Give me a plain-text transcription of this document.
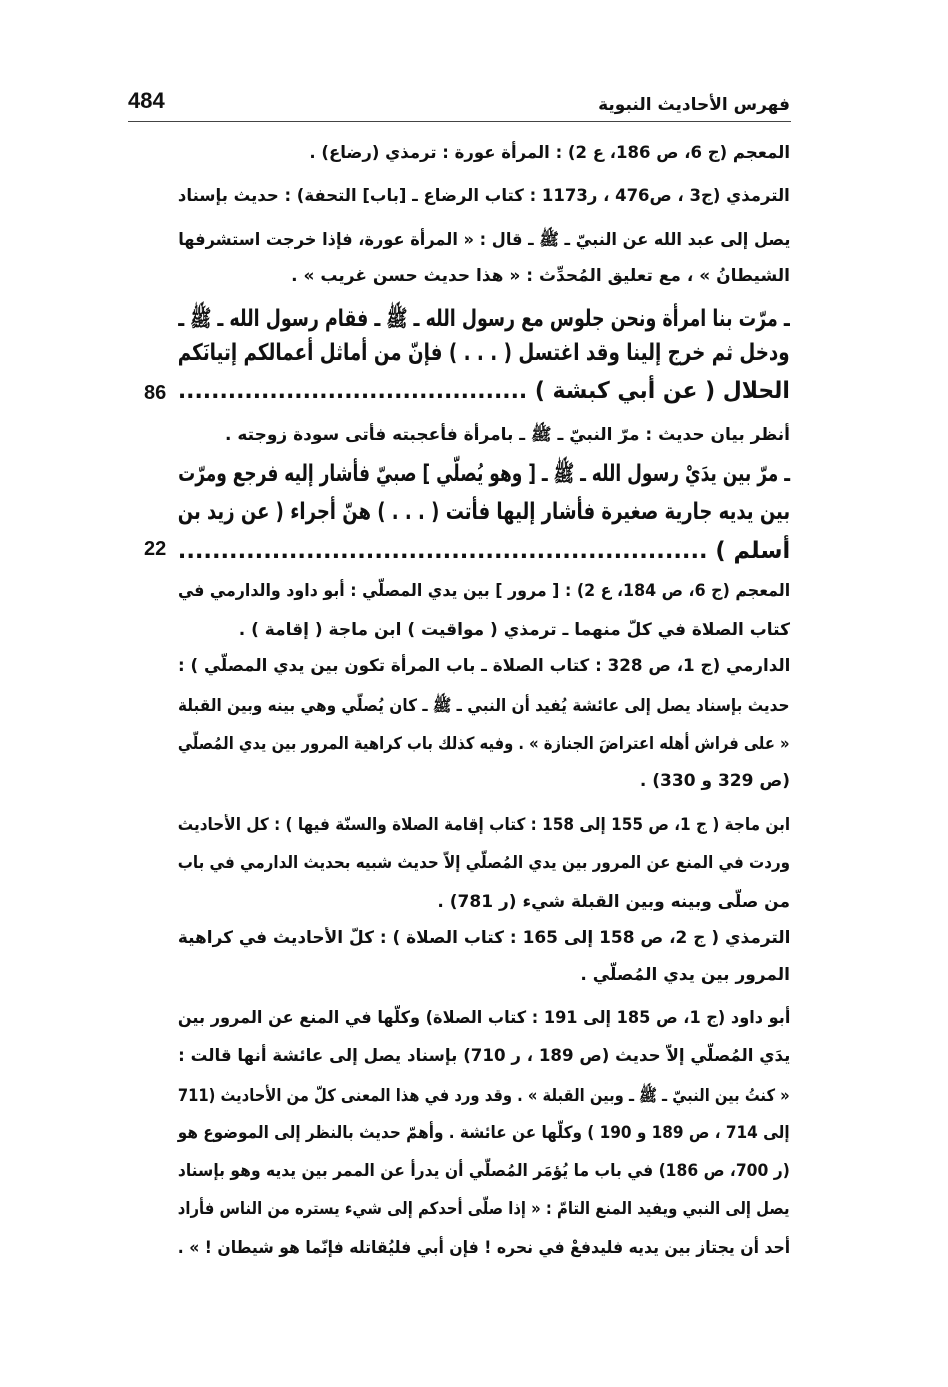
484	فهرس الأحاديث النبوية
المعجم (ج 6، ص 186، ع 2) : المرأة عورة : ترمذي (رضاع) .
الترمذي (ج3 ، ص476 ، ر1173 : كتاب الرضاع ـ [باب] التحفة) : حديث بإسناد
يصل إلى عبد الله عن النبيّ ـ ﷺ ـ قال : « المرأة عورة، فإذا خرجت استشرفها
الشيطانُ » ، مع تعليق المُحدِّث : « هذا حديث حسن غريب » .
ـ مرّت بنا امرأة ونحن جلوس مع رسول الله ـ ﷺ ـ فقام رسول الله ـ ﷺ ـ
ودخل ثم خرج إلينا وقد اغتسل ( . . . ) فإنّ من أماثل أعمالكم إتيانَكم
الحلال ( عن أبي كبشة ) ..........................................
86
أنظر بيان حديث : مرّ النبيّ ـ ﷺ ـ بامرأة فأعجبته فأتى سودة زوجته .
ـ مرّ بين يدَيْ رسول الله ـ ﷺ ـ [ وهو يُصلّي ] صبيّ فأشار إليه فرجع ومرّت
بين يديه جارية صغيرة فأشار إليها فأتت ( . . . ) هنّ أجراء ( عن زيد بن
أسلم ) ..............................................................
22
المعجم (ج 6، ص 184، ع 2) : [ مرور ] بين يدي المصلّي : أبو داود والدارمي في
كتاب الصلاة في كلّ منهما ـ ترمذي ( مواقيت ) ابن ماجة ( إقامة ) .
الدارمي (ج 1، ص 328 : كتاب الصلاة ـ باب المرأة تكون بين يدي المصلّي ) :
حديث بإسناد يصل إلى عائشة يُفيد أن النبي ـ ﷺ ـ كان يُصلّي وهي بينه وبين القبلة
« على فراش أهله اعتراضَ الجنازة » . وفيه كذلك باب كراهية المرور بين يدي المُصلّي
(ص 329 و 330) .
ابن ماجة ( ج 1، ص 155 إلى 158 : كتاب إقامة الصلاة والسنّة فيها ) : كل الأحاديث
وردت في المنع عن المرور بين يدي المُصلّي إلاّ حديث شبيه بحديث الدارمي في باب
من صلّى وبينه وبين القبلة شيء (ر 781) .
الترمذي ( ج 2، ص 158 إلى 165 : كتاب الصلاة ) : كلّ الأحاديث في كراهية
المرور بين يدي المُصلّي .
أبو داود (ج 1، ص 185 إلى 191 : كتاب الصلاة) وكلّها في المنع عن المرور بين
يدَي المُصلّي إلاّ حديث (ص 189 ، ر 710) بإسناد يصل إلى عائشة أنها قالت :
« كنتُ بين النبيّ ـ ﷺ ـ وبين القبلة » . وقد ورد في هذا المعنى كلّ من الأحاديث (711
إلى 714 ، ص 189 و 190 ) وكلّها عن عائشة . وأهمّ حديث بالنظر إلى الموضوع هو
(ر 700، ص 186) في باب ما يُؤمَر المُصلّي أن يدرأ عن الممر بين يديه وهو بإسناد
يصل إلى النبي ويفيد المنع التامّ : « إذا صلّى أحدكم إلى شيء يستره من الناس فأراد
أحد أن يجتاز بين يديه فليدفعْ في نحره ! فإن أبي فليُقاتله فإنّما هو شيطان ! » .
